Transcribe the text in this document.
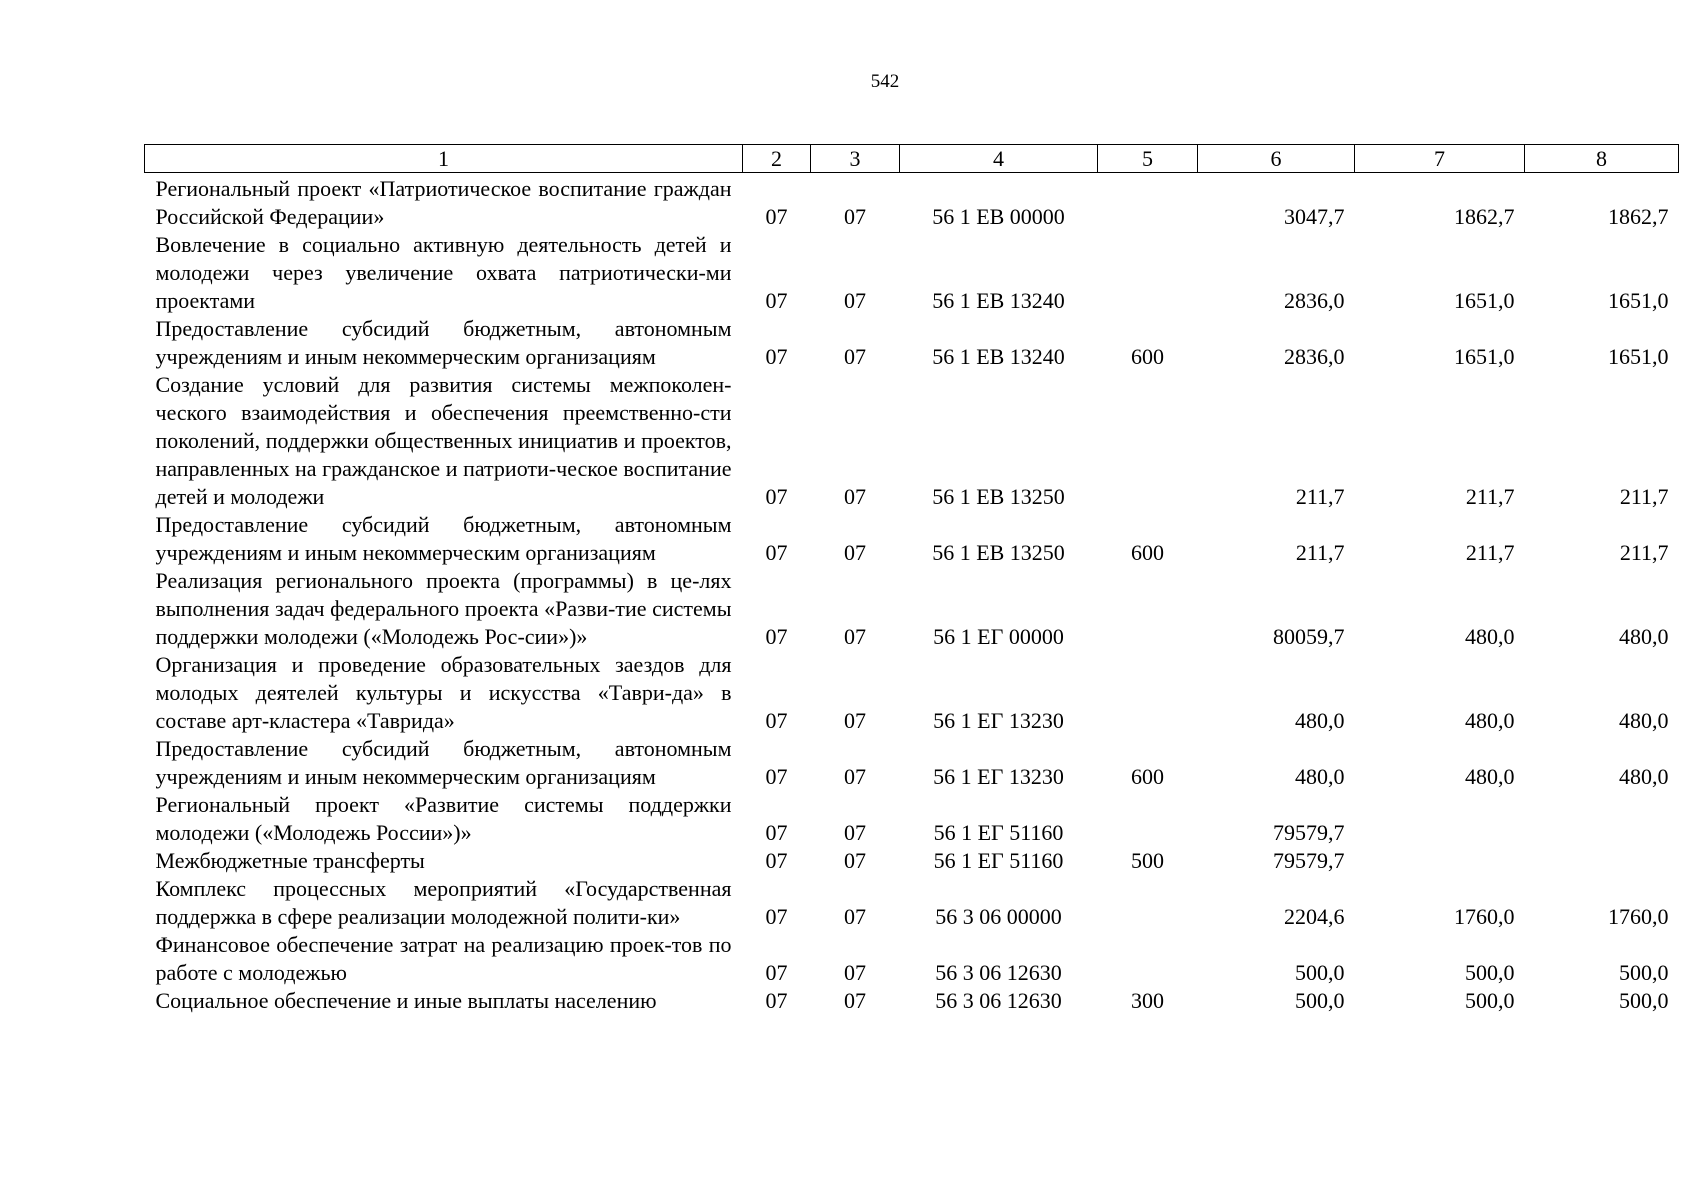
542
1	2	3	4	5	6	7	8
Региональный проект «Патриотическое воспитание граждан Российской Федерации»	07	07	56 1 ЕВ 00000		3047,7	1862,7	1862,7
Вовлечение в социально активную деятельность детей и молодежи через увеличение охвата патриотически-ми проектами	07	07	56 1 ЕВ 13240		2836,0	1651,0	1651,0
Предоставление субсидий бюджетным, автономным учреждениям и иным некоммерческим организациям	07	07	56 1 ЕВ 13240	600	2836,0	1651,0	1651,0
Создание условий для развития системы межпоколен-ческого взаимодействия и обеспечения преемственно-сти поколений, поддержки общественных инициатив и проектов, направленных на гражданское и патриоти-ческое воспитание детей и молодежи	07	07	56 1 ЕВ 13250		211,7	211,7	211,7
Предоставление субсидий бюджетным, автономным учреждениям и иным некоммерческим организациям	07	07	56 1 ЕВ 13250	600	211,7	211,7	211,7
Реализация регионального проекта (программы) в це-лях выполнения задач федерального проекта «Разви-тие системы поддержки молодежи («Молодежь Рос-сии»)»	07	07	56 1 ЕГ 00000		80059,7	480,0	480,0
Организация и проведение образовательных заездов для молодых деятелей культуры и искусства «Таври-да» в составе арт-кластера «Таврида»	07	07	56 1 ЕГ 13230		480,0	480,0	480,0
Предоставление субсидий бюджетным, автономным учреждениям и иным некоммерческим организациям	07	07	56 1 ЕГ 13230	600	480,0	480,0	480,0
Региональный проект «Развитие системы поддержки молодежи («Молодежь России»)»	07	07	56 1 ЕГ 51160		79579,7		
Межбюджетные трансферты	07	07	56 1 ЕГ 51160	500	79579,7		
Комплекс процессных мероприятий «Государственная поддержка в сфере реализации молодежной полити-ки»	07	07	56 3 06 00000		2204,6	1760,0	1760,0
Финансовое обеспечение затрат на реализацию проек-тов по работе с молодежью	07	07	56 3 06 12630		500,0	500,0	500,0
Социальное обеспечение и иные выплаты населению	07	07	56 3 06 12630	300	500,0	500,0	500,0
